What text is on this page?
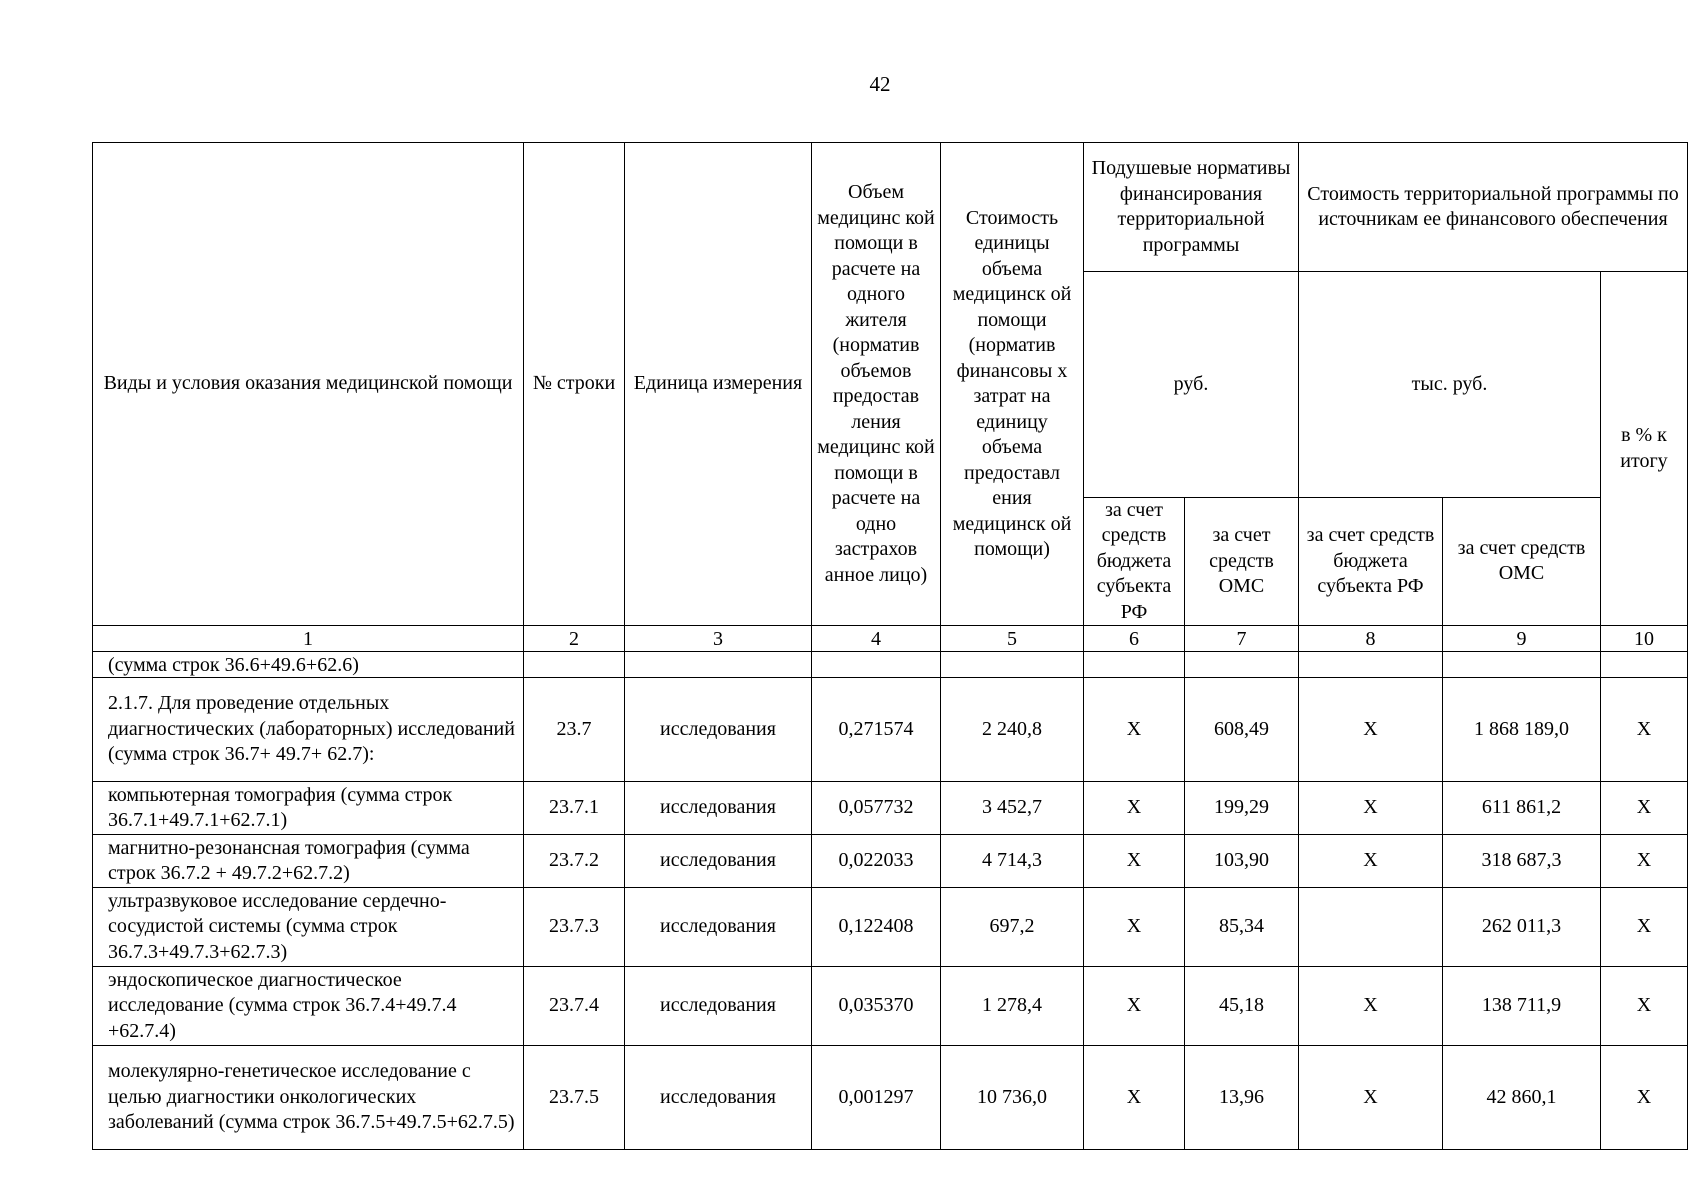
42
Виды и условия оказания медицинской помощи	№ строки	Единица измерения	Объем медицинс кой помощи в расчете на одного жителя (норматив объемов предостав ления медицинс кой помощи в расчете на одно застрахов анное лицо)	Стоимость единицы объема медицинск ой помощи (норматив финансовы х затрат на единицу объема предоставл ения медицинск ой помощи)	Подушевые нормативы финансирования территориальной программы		Стоимость территориальной программы по источникам ее финансового обеспечения		
					руб.		тыс. руб.		в % к итогу
					за счет средств бюджета субъекта РФ	за счет средств ОМС	за счет средств бюджета субъекта РФ	за счет средств ОМС	
1	2	3	4	5	6	7	8	9	10
(сумма строк 36.6+49.6+62.6)									
2.1.7. Для проведение отдельных диагностических (лабораторных) исследований (сумма строк 36.7+ 49.7+ 62.7):	23.7	исследования	0,271574	2 240,8	Х	608,49	Х	1 868 189,0	Х
компьютерная томография (сумма строк 36.7.1+49.7.1+62.7.1)	23.7.1	исследования	0,057732	3 452,7	Х	199,29	Х	611 861,2	Х
магнитно-резонансная томография (сумма строк 36.7.2 + 49.7.2+62.7.2)	23.7.2	исследования	0,022033	4 714,3	Х	103,90	Х	318 687,3	Х
ультразвуковое исследование сердечно-сосудистой системы (сумма строк 36.7.3+49.7.3+62.7.3)	23.7.3	исследования	0,122408	697,2	Х	85,34		262 011,3	Х
эндоскопическое диагностическое исследование (сумма строк 36.7.4+49.7.4 +62.7.4)	23.7.4	исследования	0,035370	1 278,4	Х	45,18	Х	138 711,9	Х
молекулярно-генетическое исследование с целью диагностики онкологических заболеваний (сумма строк 36.7.5+49.7.5+62.7.5)	23.7.5	исследования	0,001297	10 736,0	Х	13,96	Х	42 860,1	Х
